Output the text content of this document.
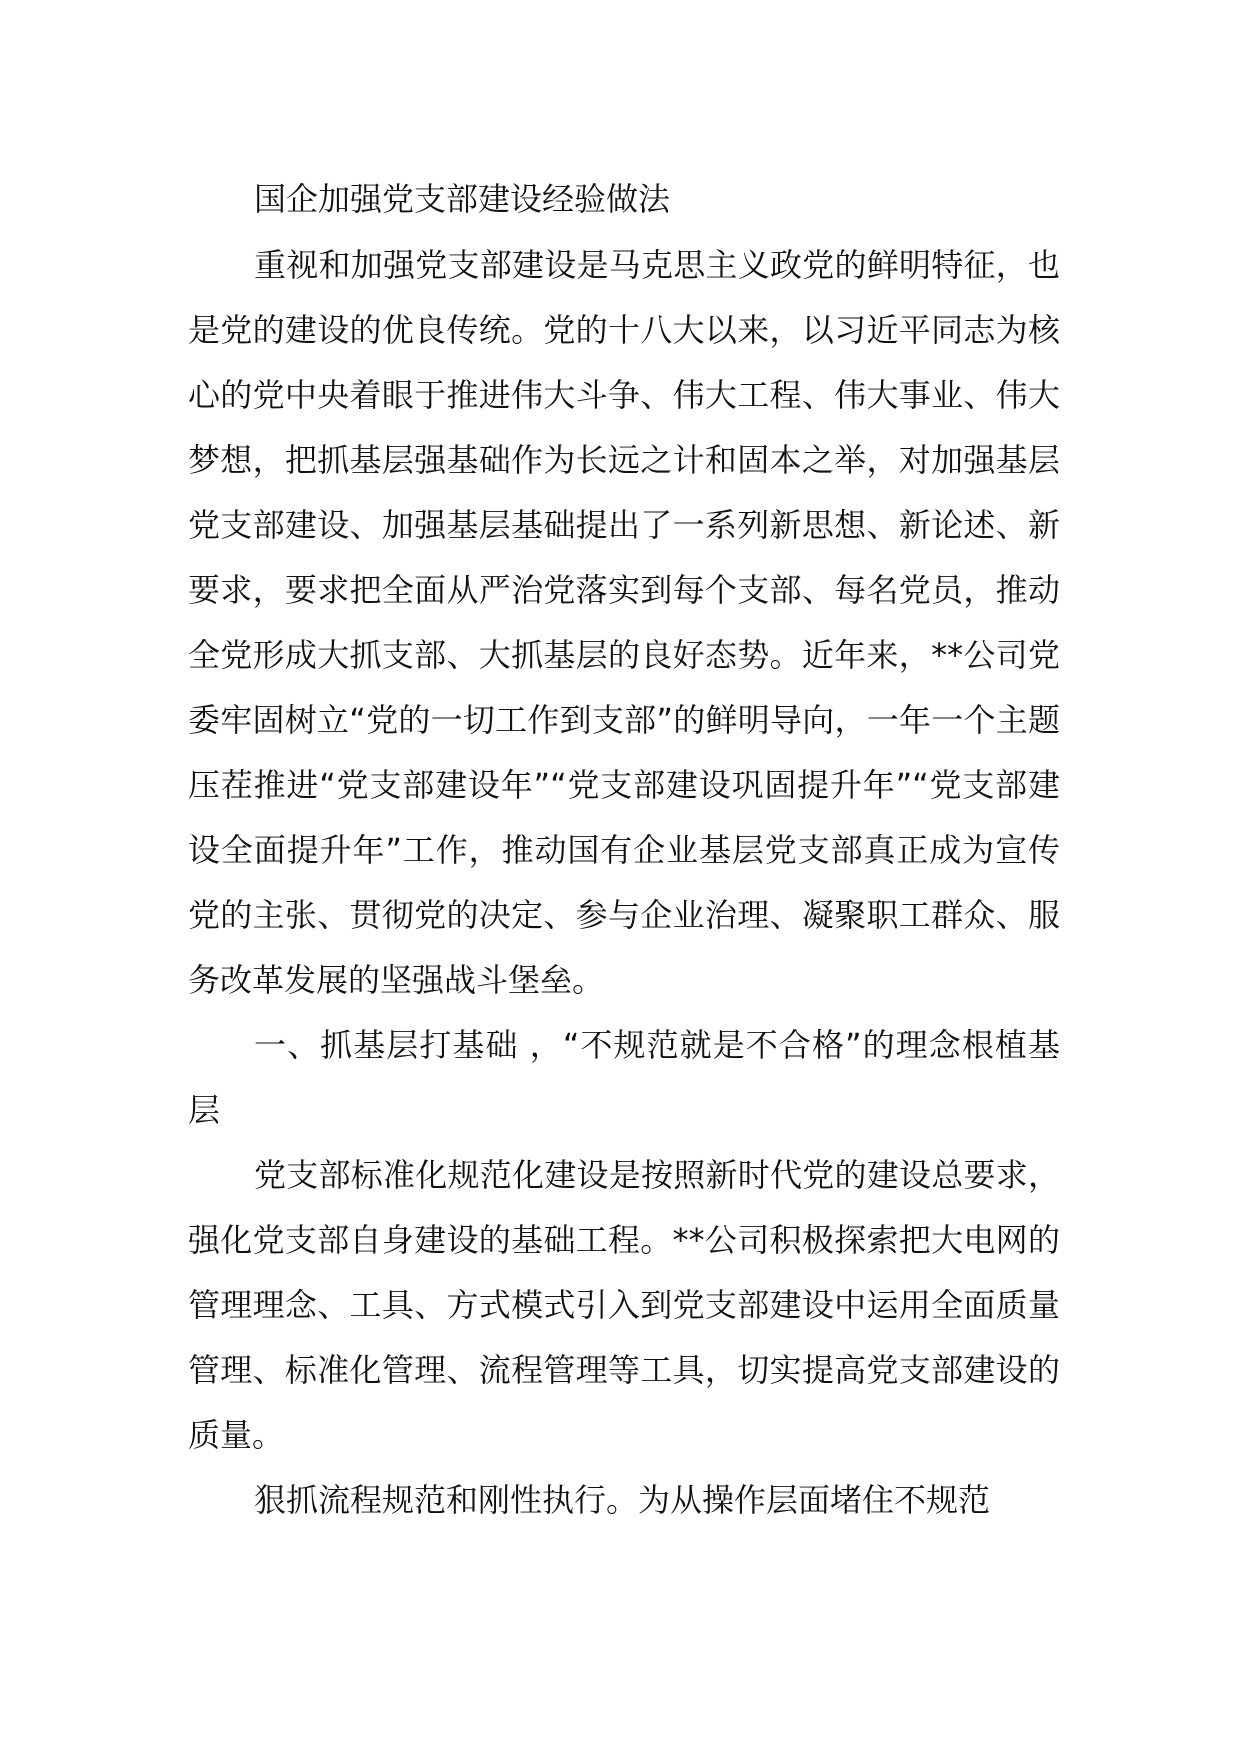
国企加强党支部建设经验做法

重视和加强党支部建设是马克思主义政党的鲜明特征，也是党的建设的优良传统。党的十八大以来，以习近平同志为核心的党中央着眼于推进伟大斗争、伟大工程、伟大事业、伟大梦想，把抓基层强基础作为长远之计和固本之举，对加强基层党支部建设、加强基层基础提出了一系列新思想、新论述、新要求，要求把全面从严治党落实到每个支部、每名党员，推动全党形成大抓支部、大抓基层的良好态势。近年来，**公司党委牢固树立“党的一切工作到支部”的鲜明导向，一年一个主题压茬推进“党支部建设年”“党支部建设巩固提升年”“党支部建设全面提升年”工作，推动国有企业基层党支部真正成为宣传党的主张、贯彻党的决定、参与企业治理、凝聚职工群众、服务改革发展的坚强战斗堡垒。

一、抓基层打基础 ，“不规范就是不合格”的理念根植基层

党支部标准化规范化建设是按照新时代党的建设总要求，强化党支部自身建设的基础工程。**公司积极探索把大电网的管理理念、工具、方式模式引入到党支部建设中运用全面质量管理、标准化管理、流程管理等工具，切实提高党支部建设的质量。

狠抓流程规范和刚性执行。为从操作层面堵住不规范
